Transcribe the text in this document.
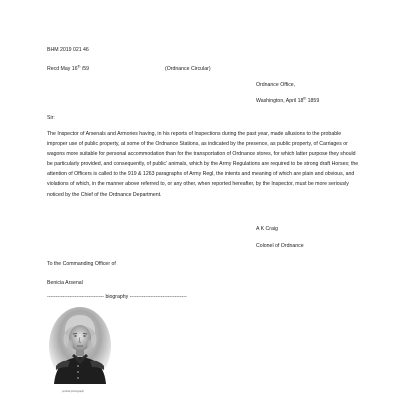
BHM 2019 021 46
Recd May 16th /59	(Ordnance Circular)
Ordnance Office,
Washington, April 18th 1859
Sir:
The Inspector of Arsenals and Armories having, in his reports of Inspections during the past year, made allusions to the probable improper use of public property, at some of the Ordnance Stations, as indicated by the presence, as public property, of Carriages or wagons more suitable for personal accommodation than for the transportation of Ordnance stores, for which latter purpose they should be particularly provided, and consequently, of public' animals, which by the Army Regulations are required to be strong draft Horses; the attention of Officers is called to the 919 & 1263 paragraphs of Army Regl, the intents and meaning of which are plain and obvious, and violations of which, in the manner above referred to, or any other, when reported hereafter, by the Inspector, must be more seriously noticed by the Chief of the Ordnance Department.
A K Craig
Colonel of Ordnance
To the Commanding Officer of
Benicia Arsenal
--------------------------------- biography ---------------------------------
portrait photograph
